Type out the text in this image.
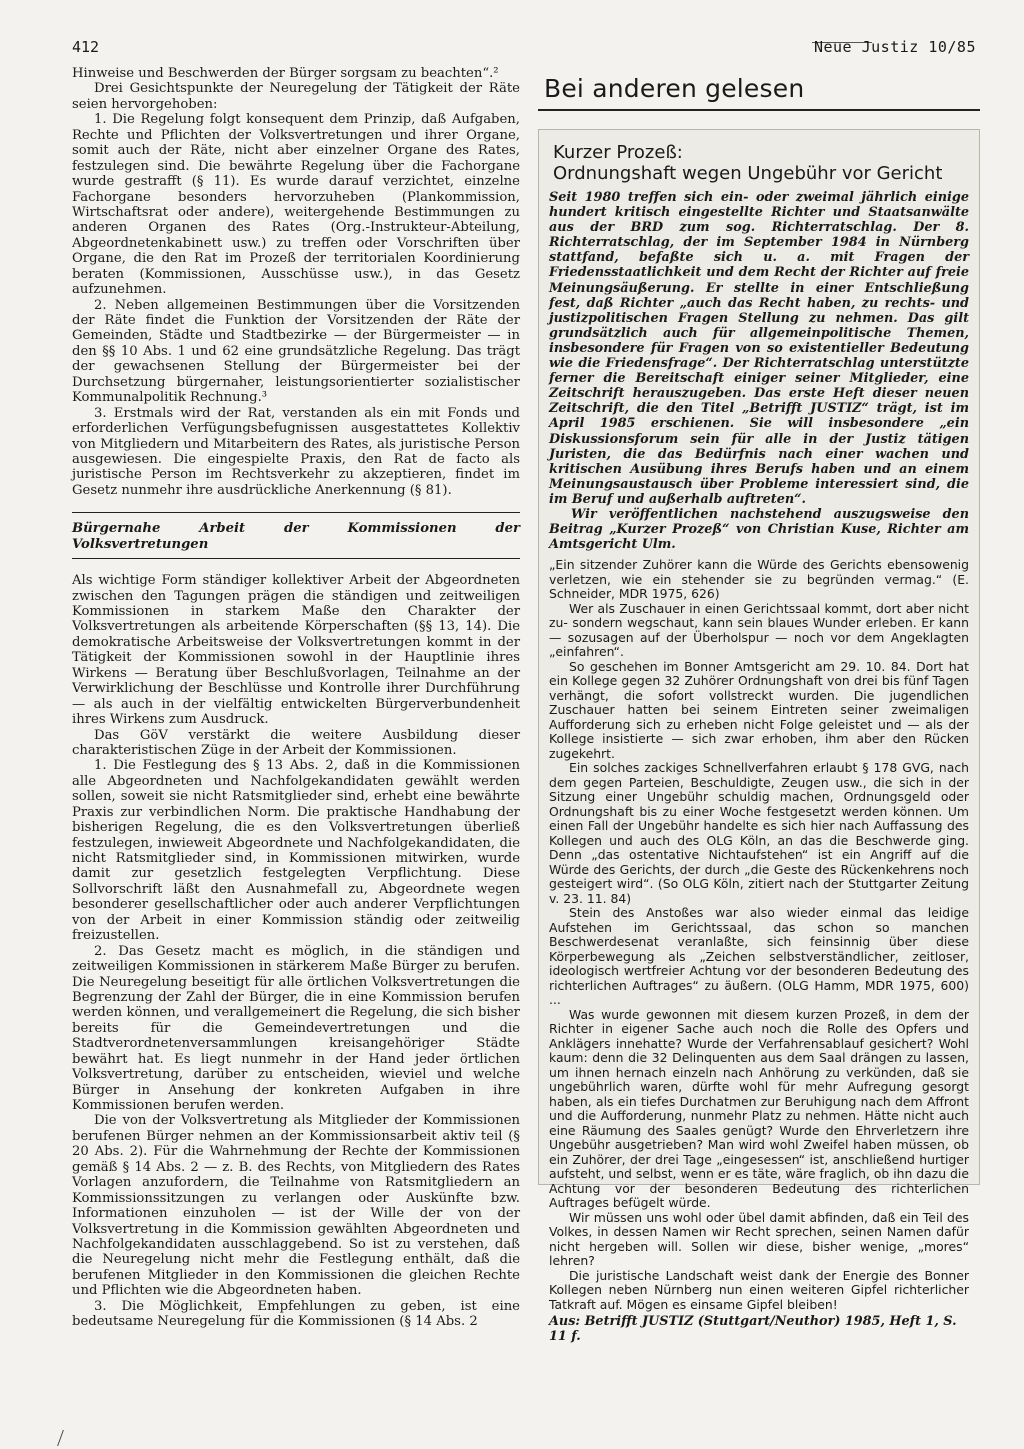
412	Neue Justiz 10/85

Hinweise und Beschwerden der Bürger sorgsam zu beachten“.²

Drei Gesichtspunkte der Neuregelung der Tätigkeit der Räte seien hervorgehoben:

1. Die Regelung folgt konsequent dem Prinzip, daß Aufgaben, Rechte und Pflichten der Volksvertretungen und ihrer Organe, somit auch der Räte, nicht aber einzelner Organe des Rates, festzulegen sind. Die bewährte Regelung über die Fachorgane wurde gestrafft (§ 11). Es wurde darauf verzichtet, einzelne Fachorgane besonders hervorzuheben (Plankommission, Wirtschaftsrat oder andere), weitergehende Bestimmungen zu anderen Organen des Rates (Org.-Instrukteur-Abteilung, Abgeordnetenkabinett usw.) zu treffen oder Vorschriften über Organe, die den Rat im Prozeß der territorialen Koordinierung beraten (Kommissionen, Ausschüsse usw.), in das Gesetz aufzunehmen.

2. Neben allgemeinen Bestimmungen über die Vorsitzenden der Räte findet die Funktion der Vorsitzenden der Räte der Gemeinden, Städte und Stadtbezirke — der Bürgermeister — in den §§ 10 Abs. 1 und 62 eine grundsätzliche Regelung. Das trägt der gewachsenen Stellung der Bürgermeister bei der Durchsetzung bürgernaher, leistungsorientierter sozialistischer Kommunalpolitik Rechnung.³

3. Erstmals wird der Rat, verstanden als ein mit Fonds und erforderlichen Verfügungsbefugnissen ausgestattetes Kollektiv von Mitgliedern und Mitarbeitern des Rates, als juristische Person ausgewiesen. Die eingespielte Praxis, den Rat de facto als juristische Person im Rechtsverkehr zu akzeptieren, findet im Gesetz nunmehr ihre ausdrückliche Anerkennung (§ 81).

Bürgernahe Arbeit der Kommissionen der Volksvertretungen

Als wichtige Form ständiger kollektiver Arbeit der Abgeordneten zwischen den Tagungen prägen die ständigen und zeitweiligen Kommissionen in starkem Maße den Charakter der Volksvertretungen als arbeitende Körperschaften (§§ 13, 14). Die demokratische Arbeitsweise der Volksvertretungen kommt in der Tätigkeit der Kommissionen sowohl in der Hauptlinie ihres Wirkens — Beratung über Beschlußvorlagen, Teilnahme an der Verwirklichung der Beschlüsse und Kontrolle ihrer Durchführung — als auch in der vielfältig entwickelten Bürgerverbundenheit ihres Wirkens zum Ausdruck.

Das GöV verstärkt die weitere Ausbildung dieser charakteristischen Züge in der Arbeit der Kommissionen.

1. Die Festlegung des § 13 Abs. 2, daß in die Kommissionen alle Abgeordneten und Nachfolgekandidaten gewählt werden sollen, soweit sie nicht Ratsmitglieder sind, erhebt eine bewährte Praxis zur verbindlichen Norm. Die praktische Handhabung der bisherigen Regelung, die es den Volksvertretungen überließ festzulegen, inwieweit Abgeordnete und Nachfolgekandidaten, die nicht Ratsmitglieder sind, in Kommissionen mitwirken, wurde damit zur gesetzlich festgelegten Verpflichtung. Diese Sollvorschrift läßt den Ausnahmefall zu, Abgeordnete wegen besonderer gesellschaftlicher oder auch anderer Verpflichtungen von der Arbeit in einer Kommission ständig oder zeitweilig freizustellen.

2. Das Gesetz macht es möglich, in die ständigen und zeitweiligen Kommissionen in stärkerem Maße Bürger zu berufen. Die Neuregelung beseitigt für alle örtlichen Volksvertretungen die Begrenzung der Zahl der Bürger, die in eine Kommission berufen werden können, und verallgemeinert die Regelung, die sich bisher bereits für die Gemeindevertretungen und die Stadtverordnetenversammlungen kreisangehöriger Städte bewährt hat. Es liegt nunmehr in der Hand jeder örtlichen Volksvertretung, darüber zu entscheiden, wieviel und welche Bürger in Ansehung der konkreten Aufgaben in ihre Kommissionen berufen werden.

Die von der Volksvertretung als Mitglieder der Kommissionen berufenen Bürger nehmen an der Kommissionsarbeit aktiv teil (§ 20 Abs. 2). Für die Wahrnehmung der Rechte der Kommissionen gemäß § 14 Abs. 2 — z. B. des Rechts, von Mitgliedern des Rates Vorlagen anzufordern, die Teilnahme von Ratsmitgliedern an Kommissionssitzungen zu verlangen oder Auskünfte bzw. Informationen einzuholen — ist der Wille der von der Volksvertretung in die Kommission gewählten Abgeordneten und Nachfolgekandidaten ausschlaggebend. So ist zu verstehen, daß die Neuregelung nicht mehr die Festlegung enthält, daß die berufenen Mitglieder in den Kommissionen die gleichen Rechte und Pflichten wie die Abgeordneten haben.

3. Die Möglichkeit, Empfehlungen zu geben, ist eine bedeutsame Neuregelung für die Kommissionen (§ 14 Abs. 2

Bei anderen gelesen
Kurzer Prozeß:
Ordnungshaft wegen Ungebühr vor Gericht

Seit 1980 treffen sich ein- oder zweimal jährlich einige hundert kritisch eingestellte Richter und Staatsanwälte aus der BRD zum sog. Richterratschlag. Der 8. Richterratschlag, der im September 1984 in Nürnberg stattfand, befaßte sich u. a. mit Fragen der Friedensstaatlichkeit und dem Recht der Richter auf freie Meinungsäußerung. Er stellte in einer Entschließung fest, daß Richter „auch das Recht haben, zu rechts- und justizpolitischen Fragen Stellung zu nehmen. Das gilt grundsätzlich auch für allgemeinpolitische Themen, insbesondere für Fragen von so existentieller Bedeutung wie die Friedensfrage“. Der Richterratschlag unterstützte ferner die Bereitschaft einiger seiner Mitglieder, eine Zeitschrift herauszugeben. Das erste Heft dieser neuen Zeitschrift, die den Titel „Betrifft JUSTIZ“ trägt, ist im April 1985 erschienen. Sie will insbesondere „ein Diskussionsforum sein für alle in der Justiz tätigen Juristen, die das Bedürfnis nach einer wachen und kritischen Ausübung ihres Berufs haben und an einem Meinungsaustausch über Probleme interessiert sind, die im Beruf und außerhalb auftreten“.

Wir veröffentlichen nachstehend auszugsweise den Beitrag „Kurzer Prozeß“ von Christian Kuse, Richter am Amtsgericht Ulm.

„Ein sitzender Zuhörer kann die Würde des Gerichts ebensowenig verletzen, wie ein stehender sie zu begründen vermag.“ (E. Schneider, MDR 1975, 626)

Wer als Zuschauer in einen Gerichtssaal kommt, dort aber nicht zu- sondern wegschaut, kann sein blaues Wunder erleben. Er kann — sozusagen auf der Überholspur — noch vor dem Angeklagten „einfahren“.

So geschehen im Bonner Amtsgericht am 29. 10. 84. Dort hat ein Kollege gegen 32 Zuhörer Ordnungshaft von drei bis fünf Tagen verhängt, die sofort vollstreckt wurden. Die jugendlichen Zuschauer hatten bei seinem Eintreten seiner zweimaligen Aufforderung sich zu erheben nicht Folge geleistet und — als der Kollege insistierte — sich zwar erhoben, ihm aber den Rücken zugekehrt.

Ein solches zackiges Schnellverfahren erlaubt § 178 GVG, nach dem gegen Parteien, Beschuldigte, Zeugen usw., die sich in der Sitzung einer Ungebühr schuldig machen, Ordnungsgeld oder Ordnungshaft bis zu einer Woche festgesetzt werden können. Um einen Fall der Ungebühr handelte es sich hier nach Auffassung des Kollegen und auch des OLG Köln, an das die Beschwerde ging. Denn „das ostentative Nichtaufstehen“ ist ein Angriff auf die Würde des Gerichts, der durch „die Geste des Rückenkehrens noch gesteigert wird“. (So OLG Köln, zitiert nach der Stuttgarter Zeitung v. 23. 11. 84)

Stein des Anstoßes war also wieder einmal das leidige Aufstehen im Gerichtssaal, das schon so manchen Beschwerdesenat veranlaßte, sich feinsinnig über diese Körperbewegung als „Zeichen selbstverständlicher, zeitloser, ideologisch wertfreier Achtung vor der besonderen Bedeutung des richterlichen Auftrages“ zu äußern. (OLG Hamm, MDR 1975, 600) ...

Was wurde gewonnen mit diesem kurzen Prozeß, in dem der Richter in eigener Sache auch noch die Rolle des Opfers und Anklägers innehatte? Wurde der Verfahrensablauf gesichert? Wohl kaum: denn die 32 Delinquenten aus dem Saal drängen zu lassen, um ihnen hernach einzeln nach Anhörung zu verkünden, daß sie ungebührlich waren, dürfte wohl für mehr Aufregung gesorgt haben, als ein tiefes Durchatmen zur Beruhigung nach dem Affront und die Aufforderung, nunmehr Platz zu nehmen. Hätte nicht auch eine Räumung des Saales genügt? Wurde den Ehrverletzern ihre Ungebühr ausgetrieben? Man wird wohl Zweifel haben müssen, ob ein Zuhörer, der drei Tage „eingesessen“ ist, anschließend hurtiger aufsteht, und selbst, wenn er es täte, wäre fraglich, ob ihn dazu die Achtung vor der besonderen Bedeutung des richterlichen Auftrages befügelt würde.

Wir müssen uns wohl oder übel damit abfinden, daß ein Teil des Volkes, in dessen Namen wir Recht sprechen, seinen Namen dafür nicht hergeben will. Sollen wir diese, bisher wenige, „mores“ lehren?

Die juristische Landschaft weist dank der Energie des Bonner Kollegen neben Nürnberg nun einen weiteren Gipfel richterlicher Tatkraft auf. Mögen es einsame Gipfel bleiben!

Aus: Betrifft JUSTIZ (Stuttgart/Neuthor) 1985, Heft 1, S. 11 f.
